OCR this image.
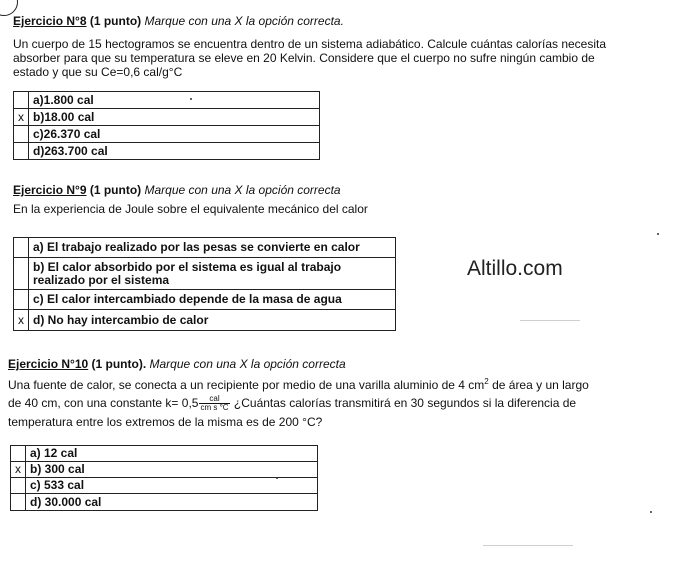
Ejercicio N°8 (1 punto) Marque con una X la opción correcta.
Un cuerpo de 15 hectogramos se encuentra dentro de un sistema adiabático. Calcule cuántas calorías necesita
absorber para que su temperatura se eleve en 20 Kelvin. Considere que el cuerpo no sufre ningún cambio de
estado y que su Ce=0,6 cal/g°C
	a)1.800 cal
x	b)18.00 cal
	c)26.370 cal
	d)263.700 cal
Ejercicio N°9 (1 punto) Marque con una X la opción correcta
En la experiencia de Joule sobre el equivalente mecánico del calor
	a) El trabajo realizado por las pesas se convierte en calor

	b) El calor absorbido por el sistema es igual al trabajo
realizado por el sistema

	c) El calor intercambiado depende de la masa de agua
x	d) No hay intercambio de calor
Altillo.com
Ejercicio N°10 (1 punto). Marque con una X la opción correcta
Una fuente de calor, se conecta a un recipiente por medio de una varilla aluminio de 4 $cm^2$ de área y un largo
de 40 cm, con una constante $k= 0,5 \frac{\text{cal}}{\text{cm s °C}}$ ¿Cuántas calorías transmitirá en 30 segundos si la diferencia de
temperatura entre los extremos de la misma es de 200 °C?
	a) 12 cal
x	b) 300 cal
	c) 533 cal
	d) 30.000 cal
